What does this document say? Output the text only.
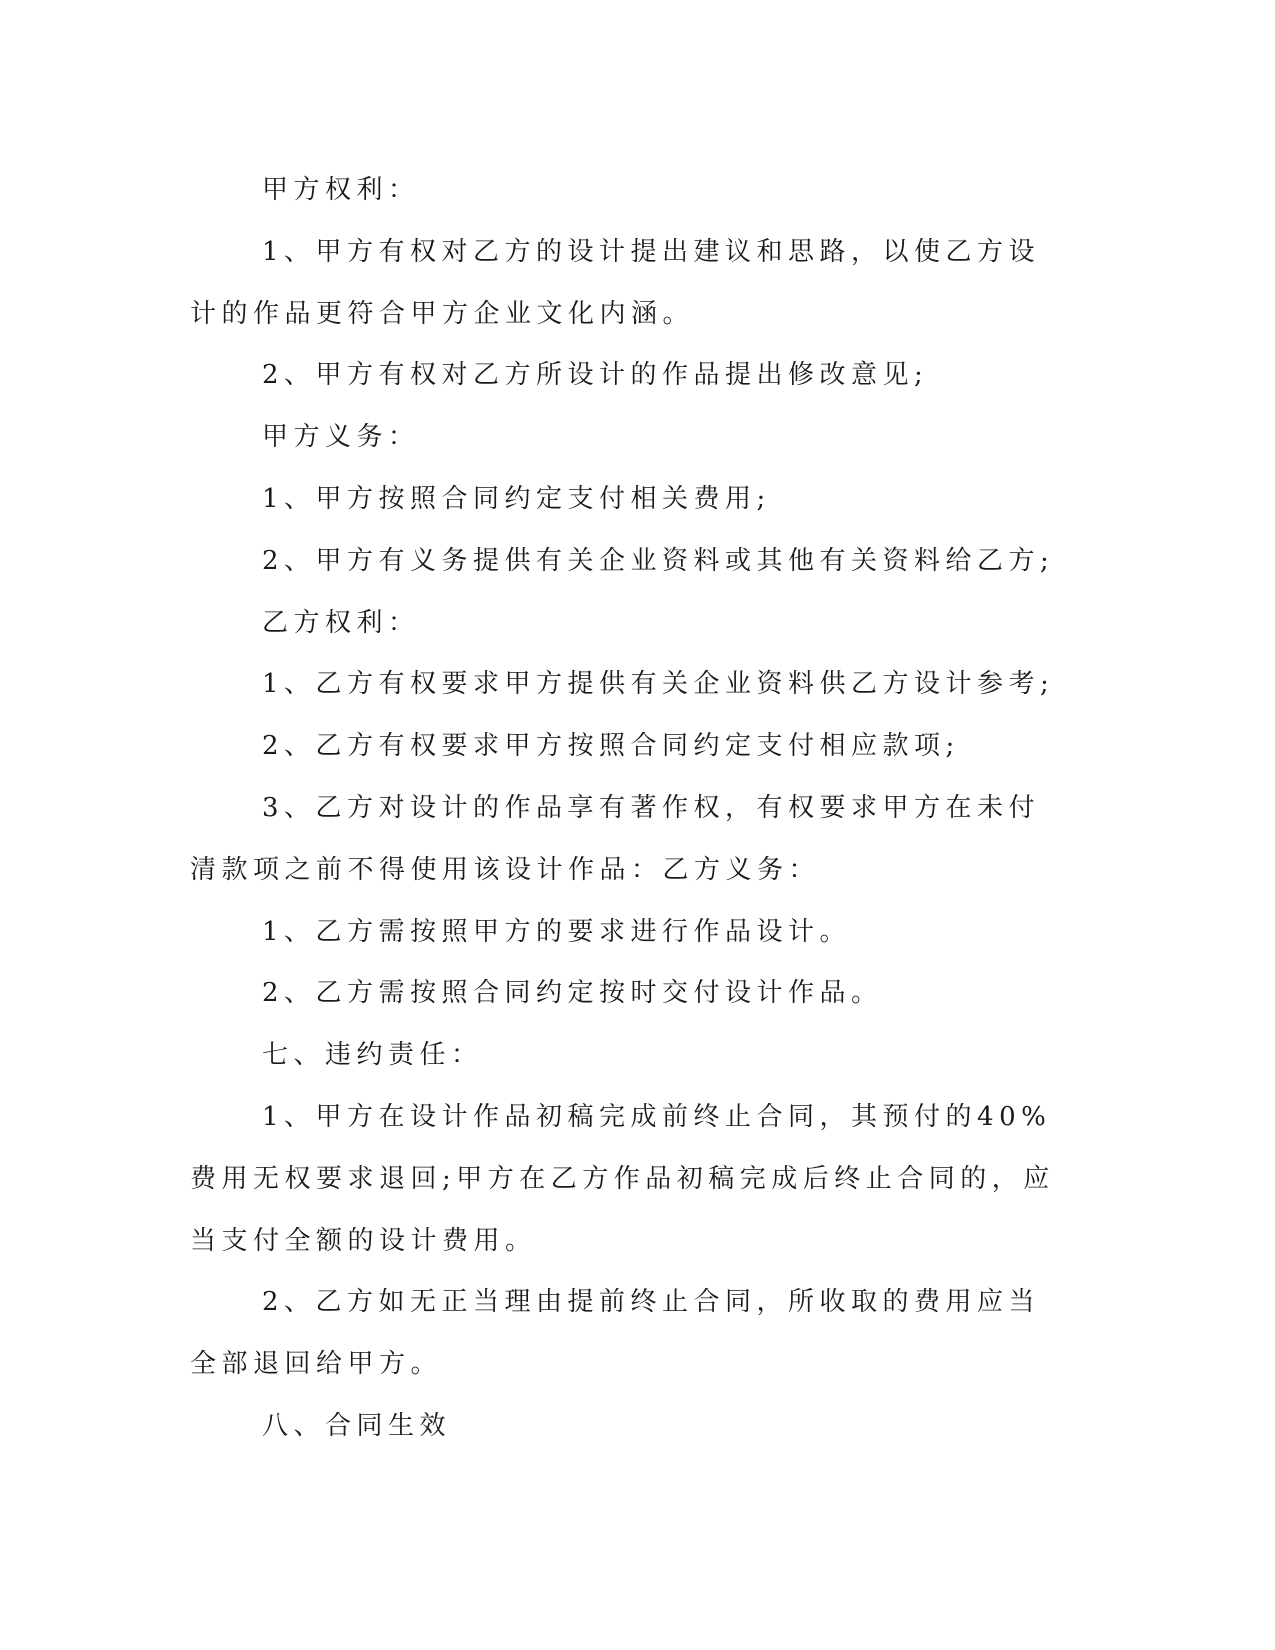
甲方权利：

1、甲方有权对乙方的设计提出建议和思路，以使乙方设计的作品更符合甲方企业文化内涵。

2、甲方有权对乙方所设计的作品提出修改意见;

甲方义务：

1、甲方按照合同约定支付相关费用;

2、甲方有义务提供有关企业资料或其他有关资料给乙方;

乙方权利：

1、乙方有权要求甲方提供有关企业资料供乙方设计参考;

2、乙方有权要求甲方按照合同约定支付相应款项;

3、乙方对设计的作品享有著作权，有权要求甲方在未付清款项之前不得使用该设计作品：乙方义务：

1、乙方需按照甲方的要求进行作品设计。

2、乙方需按照合同约定按时交付设计作品。

七、违约责任：

1、甲方在设计作品初稿完成前终止合同，其预付的40%费用无权要求退回;甲方在乙方作品初稿完成后终止合同的，应当支付全额的设计费用。

2、乙方如无正当理由提前终止合同，所收取的费用应当全部退回给甲方。

八、合同生效
